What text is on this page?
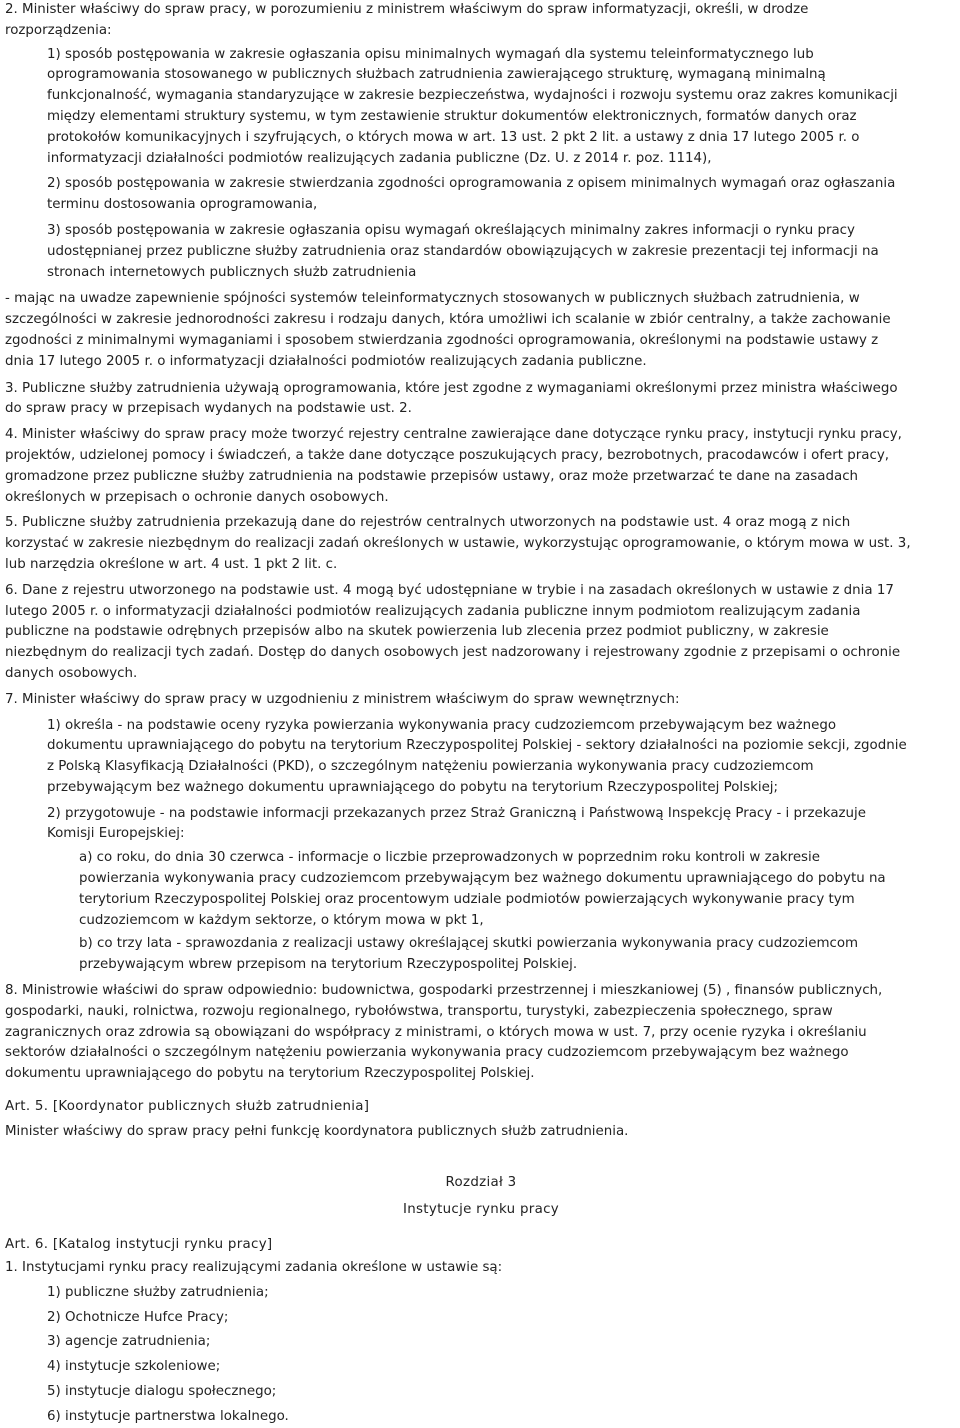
2. Minister właściwy do spraw pracy, w porozumieniu z ministrem właściwym do spraw informatyzacji, określi, w drodze

rozporządzenia:

1) sposób postępowania w zakresie ogłaszania opisu minimalnych wymagań dla systemu teleinformatycznego lub

oprogramowania stosowanego w publicznych służbach zatrudnienia zawierającego strukturę, wymaganą minimalną

funkcjonalność, wymagania standaryzujące w zakresie bezpieczeństwa, wydajności i rozwoju systemu oraz zakres komunikacji

między elementami struktury systemu, w tym zestawienie struktur dokumentów elektronicznych, formatów danych oraz

protokołów komunikacyjnych i szyfrujących, o których mowa w art. 13 ust. 2 pkt 2 lit. a ustawy z dnia 17 lutego 2005 r. o

informatyzacji działalności podmiotów realizujących zadania publiczne (Dz. U. z 2014 r. poz. 1114),

2) sposób postępowania w zakresie stwierdzania zgodności oprogramowania z opisem minimalnych wymagań oraz ogłaszania

terminu dostosowania oprogramowania,

3) sposób postępowania w zakresie ogłaszania opisu wymagań określających minimalny zakres informacji o rynku pracy

udostępnianej przez publiczne służby zatrudnienia oraz standardów obowiązujących w zakresie prezentacji tej informacji na

stronach internetowych publicznych służb zatrudnienia

- mając na uwadze zapewnienie spójności systemów teleinformatycznych stosowanych w publicznych służbach zatrudnienia, w

szczególności w zakresie jednorodności zakresu i rodzaju danych, która umożliwi ich scalanie w zbiór centralny, a także zachowanie

zgodności z minimalnymi wymaganiami i sposobem stwierdzania zgodności oprogramowania, określonymi na podstawie ustawy z

dnia 17 lutego 2005 r. o informatyzacji działalności podmiotów realizujących zadania publiczne.

3. Publiczne służby zatrudnienia używają oprogramowania, które jest zgodne z wymaganiami określonymi przez ministra właściwego

do spraw pracy w przepisach wydanych na podstawie ust. 2.

4. Minister właściwy do spraw pracy może tworzyć rejestry centralne zawierające dane dotyczące rynku pracy, instytucji rynku pracy,

projektów, udzielonej pomocy i świadczeń, a także dane dotyczące poszukujących pracy, bezrobotnych, pracodawców i ofert pracy,

gromadzone przez publiczne służby zatrudnienia na podstawie przepisów ustawy, oraz może przetwarzać te dane na zasadach

określonych w przepisach o ochronie danych osobowych.

5. Publiczne służby zatrudnienia przekazują dane do rejestrów centralnych utworzonych na podstawie ust. 4 oraz mogą z nich

korzystać w zakresie niezbędnym do realizacji zadań określonych w ustawie, wykorzystując oprogramowanie, o którym mowa w ust. 3,

lub narzędzia określone w art. 4 ust. 1 pkt 2 lit. c.

6. Dane z rejestru utworzonego na podstawie ust. 4 mogą być udostępniane w trybie i na zasadach określonych w ustawie z dnia 17

lutego 2005 r. o informatyzacji działalności podmiotów realizujących zadania publiczne innym podmiotom realizującym zadania

publiczne na podstawie odrębnych przepisów albo na skutek powierzenia lub zlecenia przez podmiot publiczny, w zakresie

niezbędnym do realizacji tych zadań. Dostęp do danych osobowych jest nadzorowany i rejestrowany zgodnie z przepisami o ochronie

danych osobowych.

7. Minister właściwy do spraw pracy w uzgodnieniu z ministrem właściwym do spraw wewnętrznych:

1) określa - na podstawie oceny ryzyka powierzania wykonywania pracy cudzoziemcom przebywającym bez ważnego

dokumentu uprawniającego do pobytu na terytorium Rzeczypospolitej Polskiej - sektory działalności na poziomie sekcji, zgodnie

z Polską Klasyfikacją Działalności (PKD), o szczególnym natężeniu powierzania wykonywania pracy cudzoziemcom

przebywającym bez ważnego dokumentu uprawniającego do pobytu na terytorium Rzeczypospolitej Polskiej;

2) przygotowuje - na podstawie informacji przekazanych przez Straż Graniczną i Państwową Inspekcję Pracy - i przekazuje

Komisji Europejskiej:

a) co roku, do dnia 30 czerwca - informacje o liczbie przeprowadzonych w poprzednim roku kontroli w zakresie

powierzania wykonywania pracy cudzoziemcom przebywającym bez ważnego dokumentu uprawniającego do pobytu na

terytorium Rzeczypospolitej Polskiej oraz procentowym udziale podmiotów powierzających wykonywanie pracy tym

cudzoziemcom w każdym sektorze, o którym mowa w pkt 1,

b) co trzy lata - sprawozdania z realizacji ustawy określającej skutki powierzania wykonywania pracy cudzoziemcom

przebywającym wbrew przepisom na terytorium Rzeczypospolitej Polskiej.

8. Ministrowie właściwi do spraw odpowiednio: budownictwa, gospodarki przestrzennej i mieszkaniowej (5) , finansów publicznych,

gospodarki, nauki, rolnictwa, rozwoju regionalnego, rybołówstwa, transportu, turystyki, zabezpieczenia społecznego, spraw

zagranicznych oraz zdrowia są obowiązani do współpracy z ministrami, o których mowa w ust. 7, przy ocenie ryzyka i określaniu

sektorów działalności o szczególnym natężeniu powierzania wykonywania pracy cudzoziemcom przebywającym bez ważnego

dokumentu uprawniającego do pobytu na terytorium Rzeczypospolitej Polskiej.

Art. 5. [Koordynator publicznych służb zatrudnienia]

Minister właściwy do spraw pracy pełni funkcję koordynatora publicznych służb zatrudnienia.

Rozdział 3

Instytucje rynku pracy

Art. 6. [Katalog instytucji rynku pracy]

1. Instytucjami rynku pracy realizującymi zadania określone w ustawie są:

1) publiczne służby zatrudnienia;

2) Ochotnicze Hufce Pracy;

3) agencje zatrudnienia;

4) instytucje szkoleniowe;

5) instytucje dialogu społecznego;

6) instytucje partnerstwa lokalnego.
